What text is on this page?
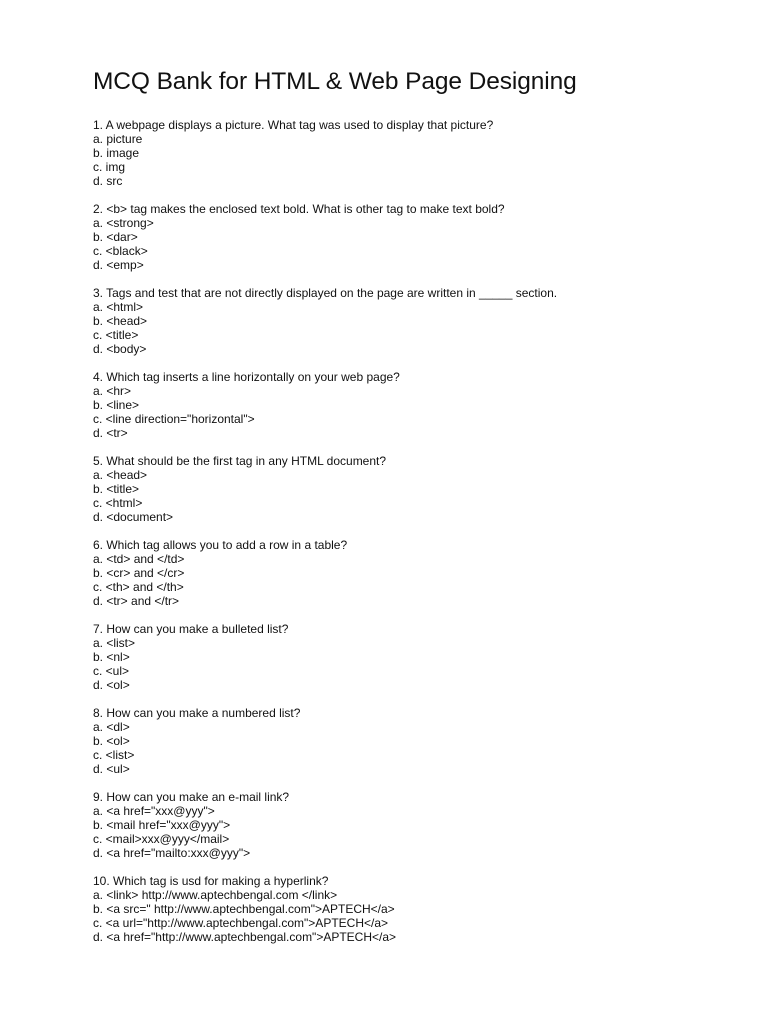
MCQ Bank for HTML & Web Page Designing
1. A webpage displays a picture. What tag was used to display that picture?
a. picture
b. image
c. img
d. src
2. <b> tag makes the enclosed text bold. What is other tag to make text bold?
a. <strong>
b. <dar>
c. <black>
d. <emp>
3. Tags and test that are not directly displayed on the page are written in _____ section.
a. <html>
b. <head>
c. <title>
d. <body>
4. Which tag inserts a line horizontally on your web page?
a. <hr>
b. <line>
c. <line direction="horizontal">
d. <tr>
5. What should be the first tag in any HTML document?
a. <head>
b. <title>
c. <html>
d. <document>
6. Which tag allows you to add a row in a table?
a. <td> and </td>
b. <cr> and </cr>
c. <th> and </th>
d. <tr> and </tr>
7. How can you make a bulleted list?
a. <list>
b. <nl>
c. <ul>
d. <ol>
8. How can you make a numbered list?
a. <dl>
b. <ol>
c. <list>
d. <ul>
9. How can you make an e-mail link?
a. <a href="xxx@yyy">
b. <mail href="xxx@yyy">
c. <mail>xxx@yyy</mail>
d. <a href="mailto:xxx@yyy">
10. Which tag is usd for making a hyperlink?
a. <link> http://www.aptechbengal.com </link>
b. <a src=" http://www.aptechbengal.com">APTECH</a>
c. <a url="http://www.aptechbengal.com">APTECH</a>
d. <a href="http://www.aptechbengal.com">APTECH</a>
